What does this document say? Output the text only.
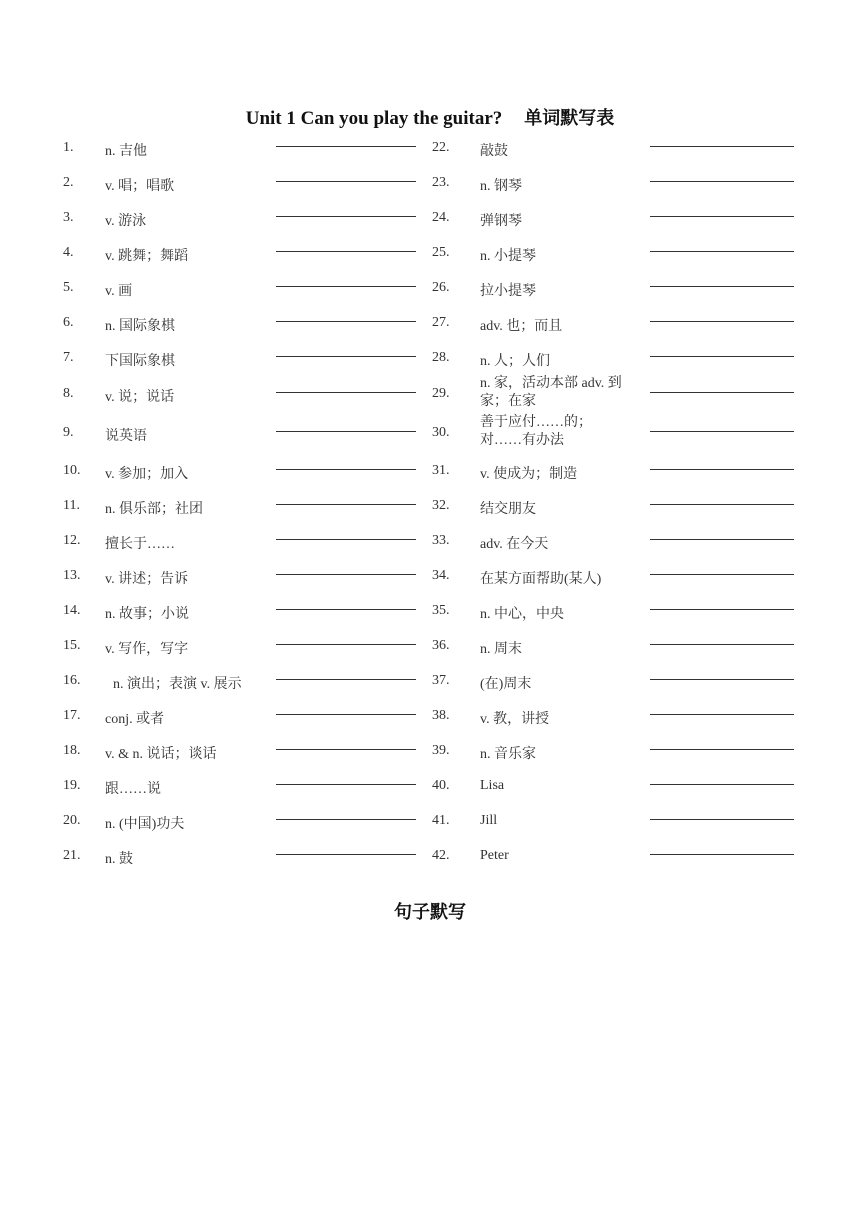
Unit 1 Can you play the guitar? 单词默写表
1. n. 吉他
2. v. 唱；唱歌
3. v. 游泳
4. v. 跳舞；舞蹈
5. v. 画
6. n. 国际象棋
7. 下国际象棋
8. v. 说；说话
9. 说英语
10. v. 参加；加入
11. n. 俱乐部；社团
12. 擅长于……
13. v. 讲述；告诉
14. n. 故事；小说
15. v. 写作，写字
16. n. 演出；表演 v. 展示
17. conj. 或者
18. v. & n. 说话；谈话
19. 跟……说
20. n. (中国)功夫
21. n. 鼓
22. 敲鼓
23. n. 钢琴
24. 弹钢琴
25. n. 小提琴
26. 拉小提琴
27. adv. 也；而且
28. n. 人；人们
29.
n. 家，活动本部 adv. 到家；在家
30.
善于应付……的；对……有办法
31. v. 使成为；制造
32. 结交朋友
33. adv. 在今天
34. 在某方面帮助(某人)
35. n. 中心，中央
36. n. 周末
37. (在)周末
38. v. 教，讲授
39. n. 音乐家
40. Lisa
41. Jill
42. Peter
句子默写
